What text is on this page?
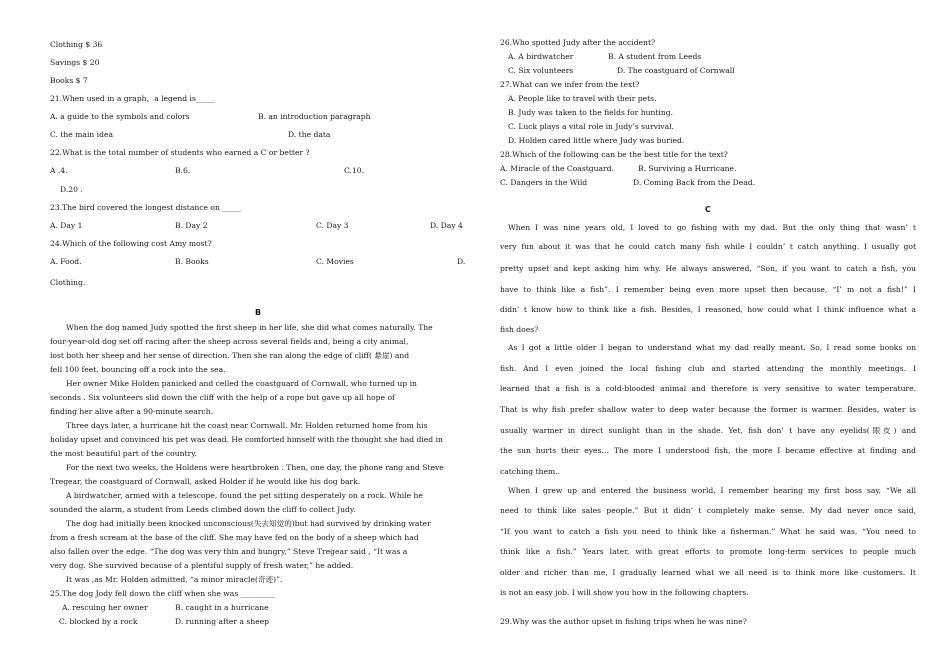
Clothing $ 36
Savings $ 20
Books $ 7
21.When used in a graph，a legend is_____
A. a guide to the symbols and colors	B. an introduction paragraph
C. the main idea	D. the data
22.What is the total number of students who earned a C or better ?
A .4.	B.6.	C.10.
D.20 .
23.The bird covered the longest distance on _____
A. Day 1	B. Day 2	C. Day 3	D. Day 4
24.Which of the following cost Amy most?
A. Food.	B. Books	C. Movies	D.
Clothing.
B
When the dog named Judy spotted the first sheep in her life, she did what comes naturally. The
four-year-old dog set off racing after the sheep across several fields and, being a city animal,
lost both her sheep and her sense of direction. Then she ran along the edge of cliff( 悬崖) and
fell 100 feet, bouncing off a rock into the sea.
Her owner Mike Holden panicked and celled the coastguard of Cornwall, who turned up in
seconds . Six volunteers slid down the cliff with the help of a rope but gave up all hope of
finding her alive after a 90-minute search.
Three days later, a hurricane hit the coast near Cornwall. Mr. Holden returned home from his
holiday upset and convinced his pet was dead. He comforted himself with the thought she had died in
the most beautiful part of the country.
For the next two weeks, the Holdens were heartbroken . Then, one day, the phone rang and Steve
Tregear, the coastguard of Cornwall, asked Holder if he would like his dog bark.
A birdwatcher, armed with a telescope, found the pet sitting desperately on a rock. While he
sounded the alarm, a student from Leeds climbed down the cliff to collect Judy.
The dog had initially been knocked unconscious(失去知觉的)but had survived by drinking water
from a fresh scream at the base of the cliff. She may have fed on the body of a sheep which had
also fallen over the edge. “The dog was very thin and hungry,” Steve Tregear said , “It was a
very dog. She survived because of a plentiful supply of fresh water,” he added.
It was ,as Mr. Holden admitted, “a minor miracle(奇迹)”.
25.The dog Jody fell down the cliff when she was _________
A. rescuing her owner	B. caught in a hurricane
C. blocked by a rock	D. running after a sheep
26.Who spotted Judy after the accident?
A. A birdwatcher	B. A student from Leeds
C. Six volunteers	D. The coastguard of Cornwall
27.What can we infer from the text?
A. People like to travel with their pets.
B. Judy was taken to the fields for hunting.
C. Luck plays a vital role in Judy’s survival.
D. Holden cared little where Judy was buried.
28.Which of the following can be the best title for the text?
A. Miracle of the Coastguard.	B. Surviving a Hurricane.
C. Dangers in the Wild	D. Coming Back from the Dead.
C
When I was nine years old, I loved to go fishing with my dad. But the only thing that wasn’ t
very fun about it was that he could catch many fish while I couldn’ t catch anything. I usually got
pretty upset and kept asking him why. He always answered, “Son, if you want to catch a fish, you
have to think like a fish”. I remember being even more upset then because, “I’ m not a fish!” I
didn’ t know how to think like a fish. Besides, I reasoned, how could what I think influence what a
fish does?
As I got a little older I began to understand what my dad really meant. So, I read some books on
fish. And I even joined the local fishing club and started attending the monthly meetings. I
learned that a fish is a cold-blooded animal and therefore is very sensitive to water temperature.
That is why fish prefer shallow water to deep water because the former is warmer. Besides, water is
usually warmer in direct sunlight than in the shade. Yet, fish don’ t have any eyelids(眼皮) and
the sun hurts their eyes… The more I understood fish, the more I became effective at finding and
catching them..
When I grew up and entered the business world, I remember hearing my first boss say, “We all
need to think like sales people.” But it didn’ t completely make sense. My dad never once said,
“If you want to catch a fish you need to think like a fisherman.” What he said was, “You need to
think like a fish.” Years later, with great efforts to promote long-term services to people much
older and richer than me, I gradually learned what we all need is to think more like customers. It
is not an easy job. I will show you how in the following chapters.
29.Why was the author upset in fishing trips when he was nine?
